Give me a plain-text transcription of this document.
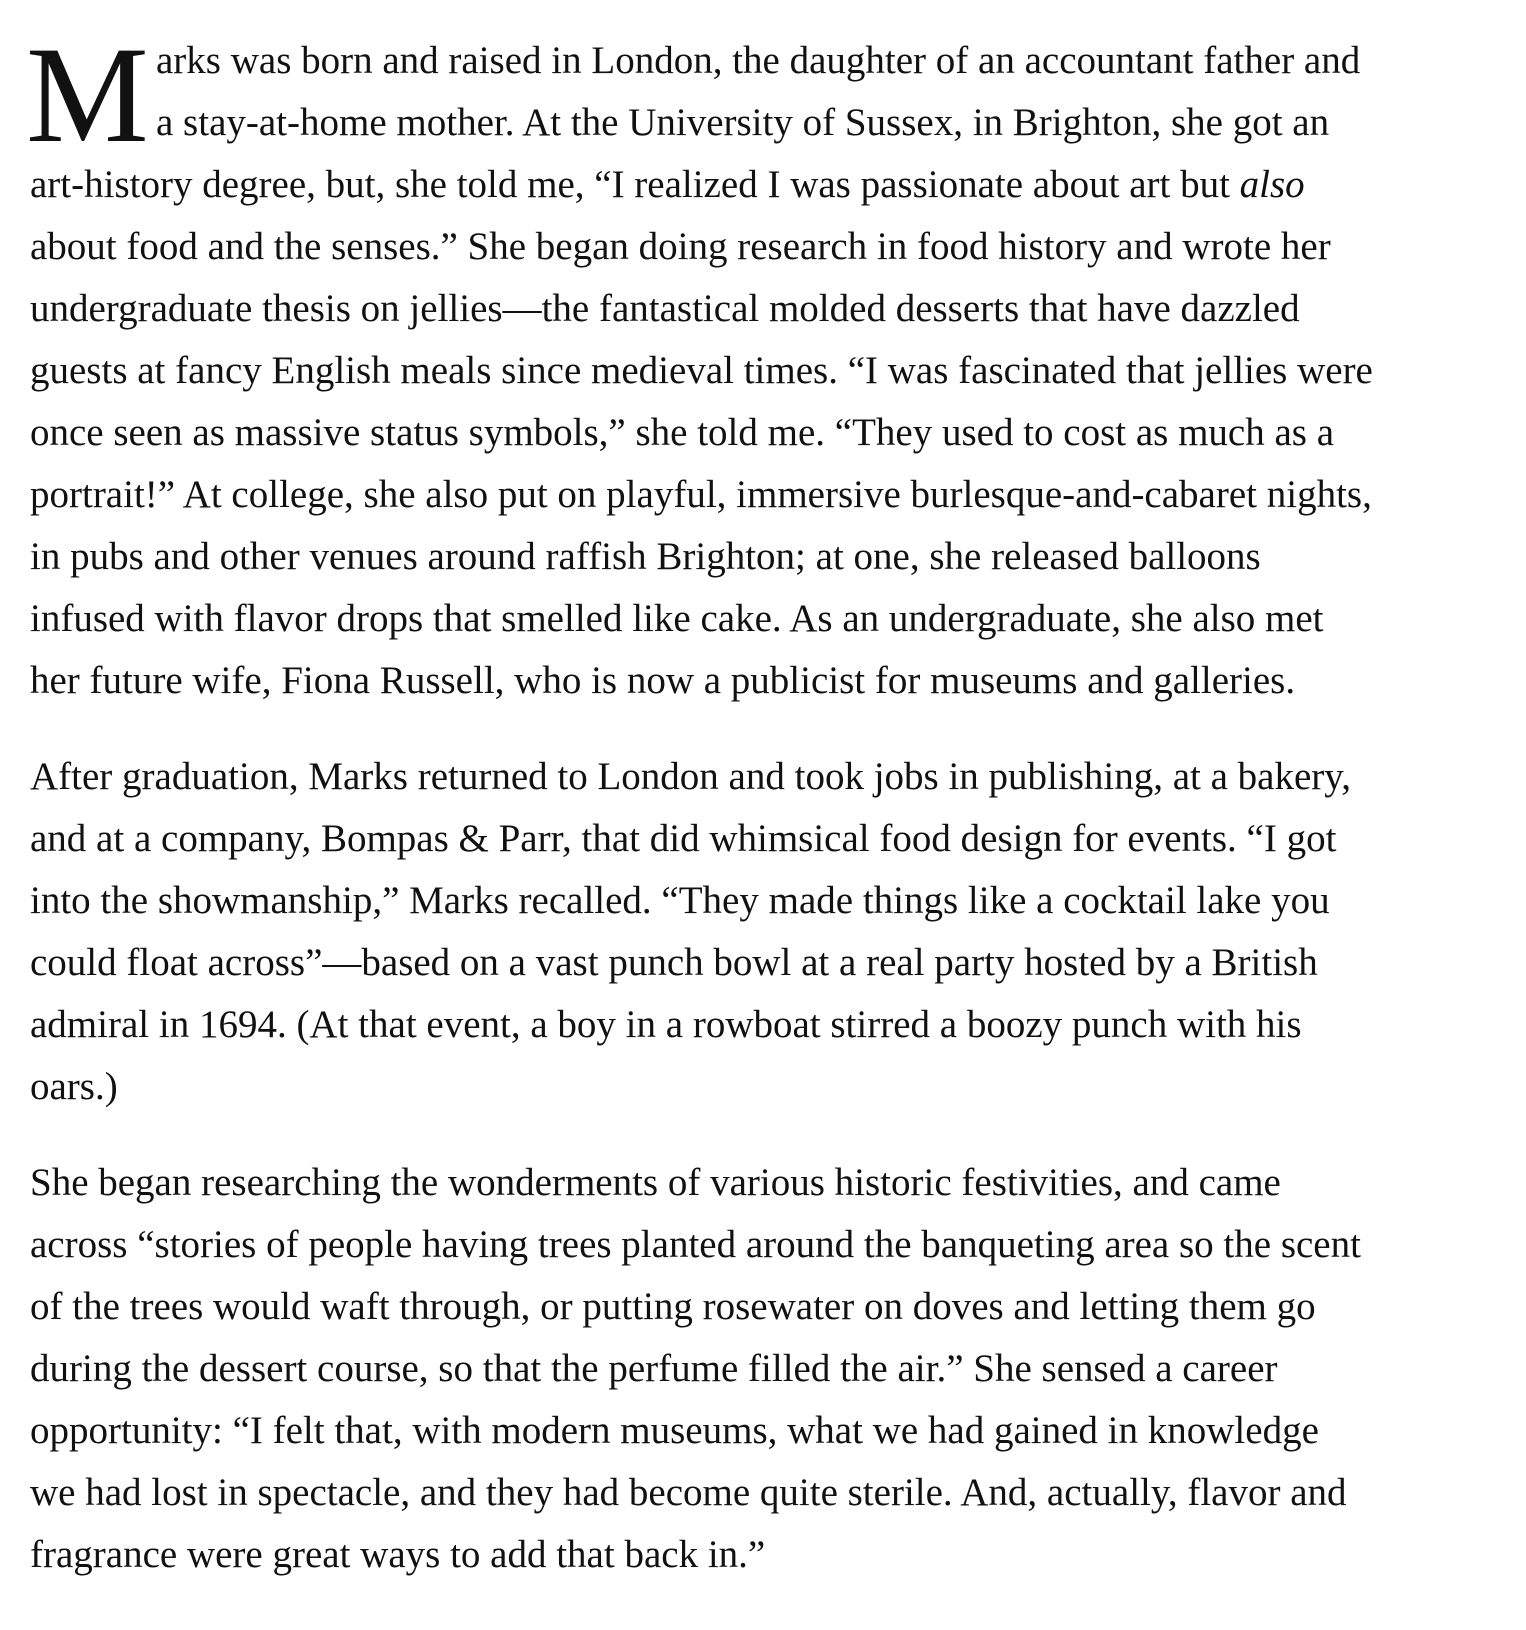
M arks was born and raised in London, the daughter of an accountant father and
a stay-at-home mother. At the University of Sussex, in Brighton, she got an
art-history degree, but, she told me, “I realized I was passionate about art but also
about food and the senses.” She began doing research in food history and wrote her
undergraduate thesis on jellies—the fantastical molded desserts that have dazzled
guests at fancy English meals since medieval times. “I was fascinated that jellies were
once seen as massive status symbols,” she told me. “They used to cost as much as a
portrait!” At college, she also put on playful, immersive burlesque-and-cabaret nights,
in pubs and other venues around raffish Brighton; at one, she released balloons
infused with flavor drops that smelled like cake. As an undergraduate, she also met
her future wife, Fiona Russell, who is now a publicist for museums and galleries.
After graduation, Marks returned to London and took jobs in publishing, at a bakery,
and at a company, Bompas & Parr, that did whimsical food design for events. “I got
into the showmanship,” Marks recalled. “They made things like a cocktail lake you
could float across”—based on a vast punch bowl at a real party hosted by a British
admiral in 1694. (At that event, a boy in a rowboat stirred a boozy punch with his
oars.)
She began researching the wonderments of various historic festivities, and came
across “stories of people having trees planted around the banqueting area so the scent
of the trees would waft through, or putting rosewater on doves and letting them go
during the dessert course, so that the perfume filled the air.” She sensed a career
opportunity: “I felt that, with modern museums, what we had gained in knowledge
we had lost in spectacle, and they had become quite sterile. And, actually, flavor and
fragrance were great ways to add that back in.”
